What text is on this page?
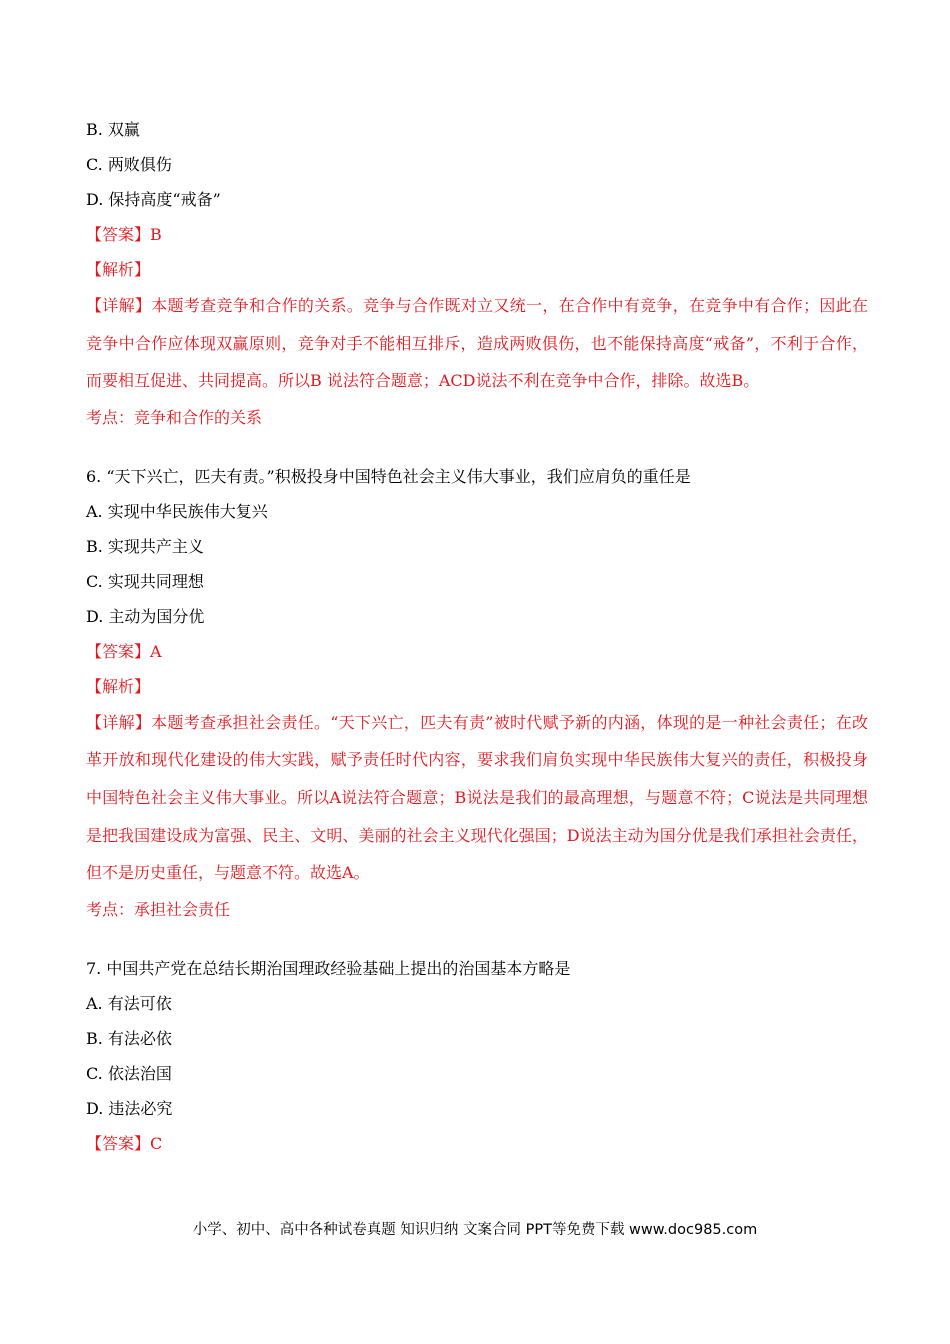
B. 双赢
C. 两败俱伤
D. 保持高度“戒备”
【答案】B
【解析】
【详解】本题考查竞争和合作的关系。竞争与合作既对立又统一，在合作中有竞争，在竞争中有合作；因此在竞争中合作应体现双赢原则，竞争对手不能相互排斥，造成两败俱伤，也不能保持高度“戒备”，不利于合作，而要相互促进、共同提高。所以B 说法符合题意；ACD说法不利在竞争中合作，排除。故选B。
考点：竞争和合作的关系
6. “天下兴亡，匹夫有责。”积极投身中国特色社会主义伟大事业，我们应肩负的重任是
A. 实现中华民族伟大复兴
B. 实现共产主义
C. 实现共同理想
D. 主动为国分优
【答案】A
【解析】
【详解】本题考查承担社会责任。“天下兴亡，匹夫有责”被时代赋予新的内涵，体现的是一种社会责任；在改革开放和现代化建设的伟大实践，赋予责任时代内容，要求我们肩负实现中华民族伟大复兴的责任，积极投身中国特色社会主义伟大事业。所以A说法符合题意；B说法是我们的最高理想，与题意不符；C说法是共同理想是把我国建设成为富强、民主、文明、美丽的社会主义现代化强国；D说法主动为国分优是我们承担社会责任，但不是历史重任，与题意不符。故选A。
考点：承担社会责任
7. 中国共产党在总结长期治国理政经验基础上提出的治国基本方略是
A. 有法可依
B. 有法必依
C. 依法治国
D. 违法必究
【答案】C
小学、初中、高中各种试卷真题 知识归纳 文案合同 PPT等免费下载 www.doc985.com
